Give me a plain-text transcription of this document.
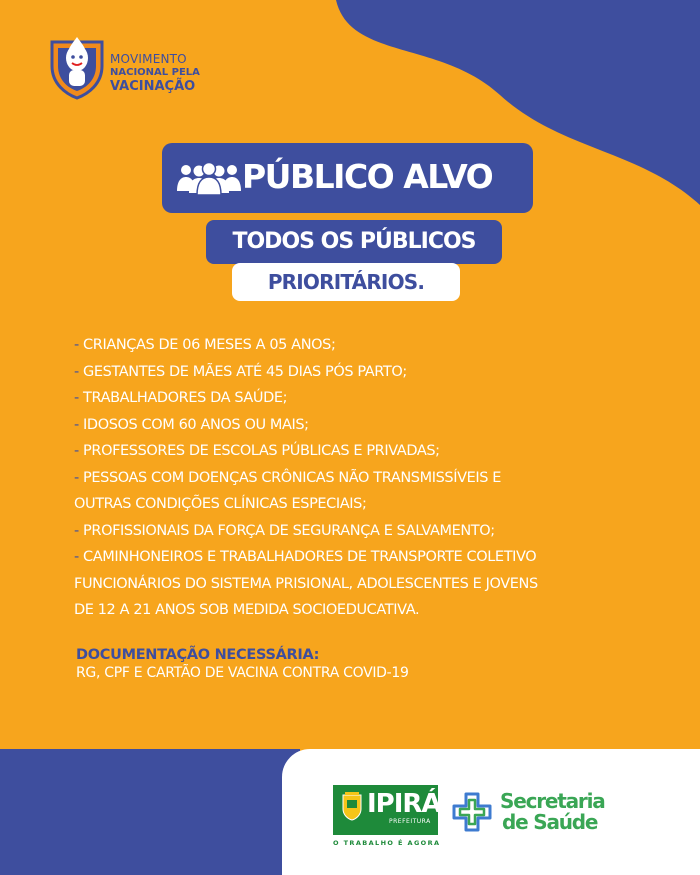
MOVIMENTO
NACIONAL PELA
VACINAÇÃO
PÚBLICO ALVO
TODOS OS PÚBLICOS
PRIORITÁRIOS.
- CRIANÇAS DE 06 MESES A 05 ANOS;
- GESTANTES DE MÃES ATÉ 45 DIAS PÓS PARTO;
- TRABALHADORES DA SAÚDE;
- IDOSOS COM 60 ANOS OU MAIS;
- PROFESSORES DE ESCOLAS PÚBLICAS E PRIVADAS;
- PESSOAS COM DOENÇAS CRÔNICAS NÃO TRANSMISSÍVEIS E
OUTRAS CONDIÇÕES CLÍNICAS ESPECIAIS;
- PROFISSIONAIS DA FORÇA DE SEGURANÇA E SALVAMENTO;
- CAMINHONEIROS E TRABALHADORES DE TRANSPORTE COLETIVO
FUNCIONÁRIOS DO SISTEMA PRISIONAL, ADOLESCENTES E JOVENS
DE 12 A 21 ANOS SOB MEDIDA SOCIOEDUCATIVA.
DOCUMENTAÇÃO NECESSÁRIA:
RG, CPF E CARTÃO DE VACINA CONTRA COVID-19
IPIRÁ
PREFEITURA
O TRABALHO É AGORA
Secretaria
de Saúde
